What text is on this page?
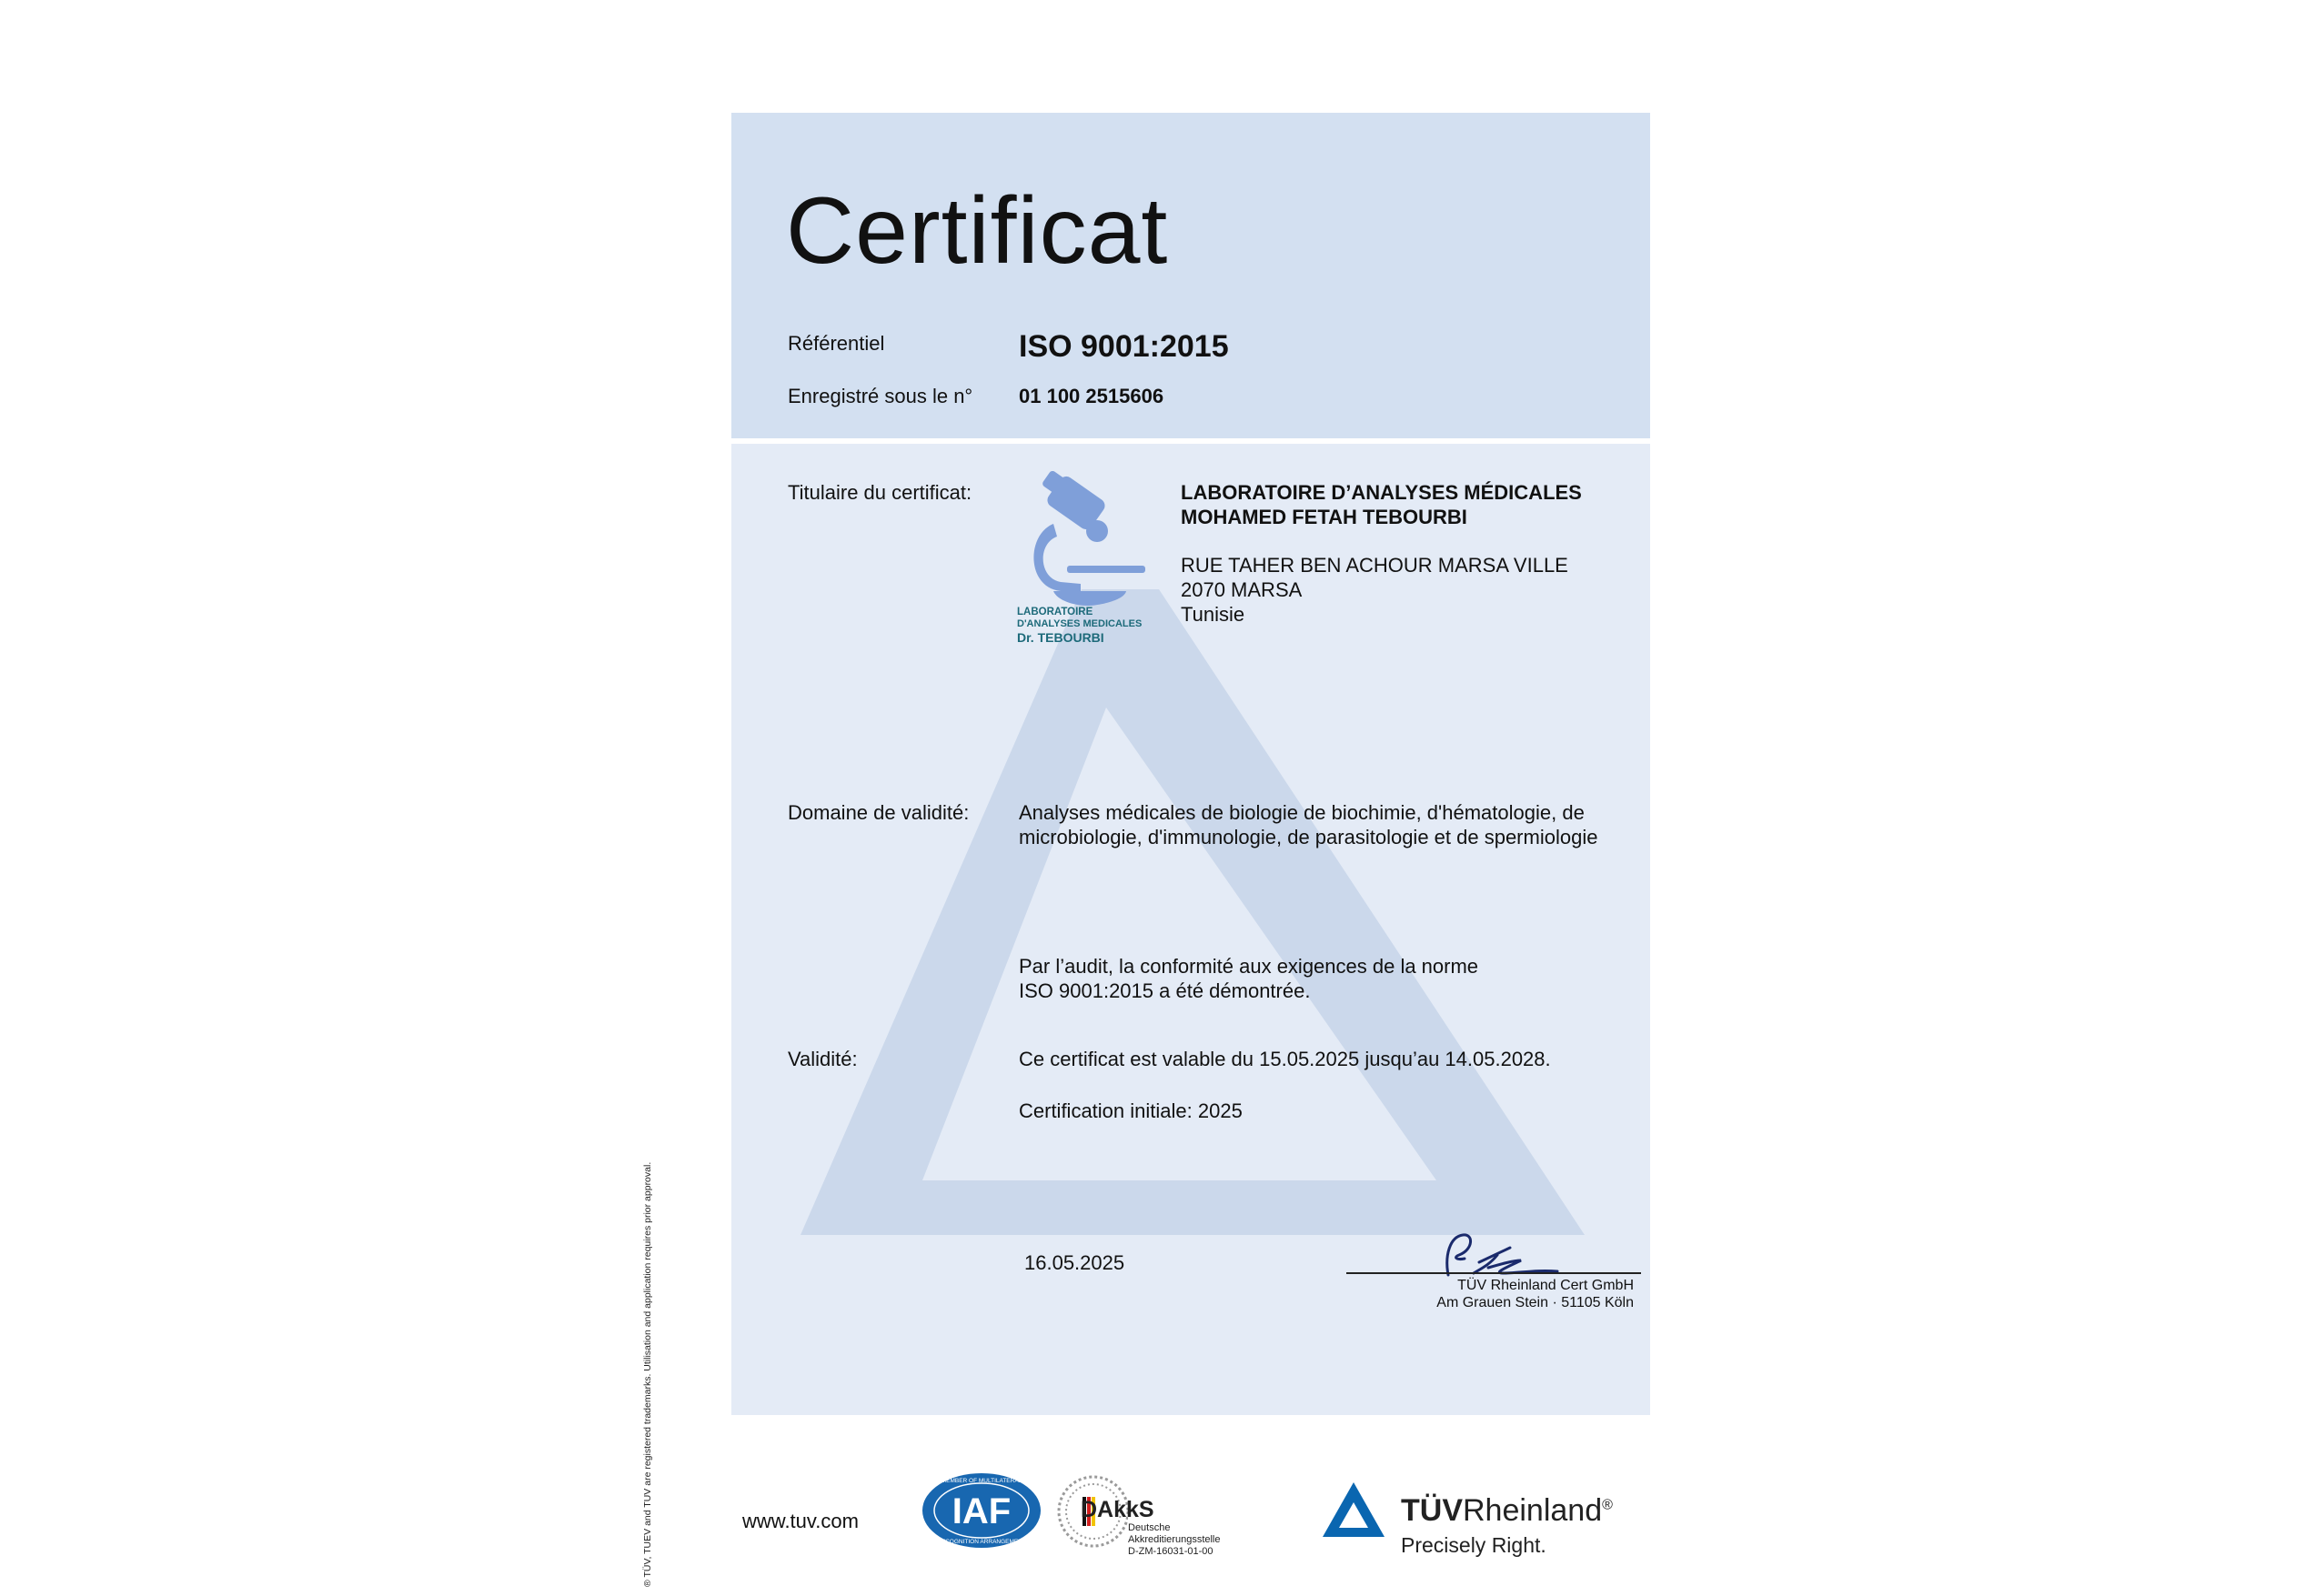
Certificat
Référentiel	ISO 9001:2015
Enregistré sous le n° 01 100 2515606
Titulaire du certificat:
LABORATOIRE
D'ANALYSES MEDICALES
Dr. TEBOURBI
LABORATOIRE D’ANALYSES MÉDICALES
MOHAMED FETAH TEBOURBI
RUE TAHER BEN ACHOUR MARSA VILLE
2070 MARSA
Tunisie
Domaine de validité: Analyses médicales de biologie de biochimie, d'hématologie, de
microbiologie, d'immunologie, de parasitologie et de spermiologie
Par l’audit, la conformité aux exigences de la norme
ISO 9001:2015 a été démontrée.
Validité:	Ce certificat est valable du 15.05.2025 jusqu’au 14.05.2028.
Certification initiale: 2025
16.05.2025
TÜV Rheinland Cert GmbH
Am Grauen Stein · 51105 Köln
® TÜV, TUEV and TUV are registered trademarks. Utilisation and application requires prior approval.	www.tuv.com	IAF
MEMBER OF MULTILATERAL
RECOGNITION ARRANGEMENT
DAkkS
Deutsche
Akkreditierungsstelle
D-ZM-16031-01-00
TÜVRheinland®
Precisely Right.
